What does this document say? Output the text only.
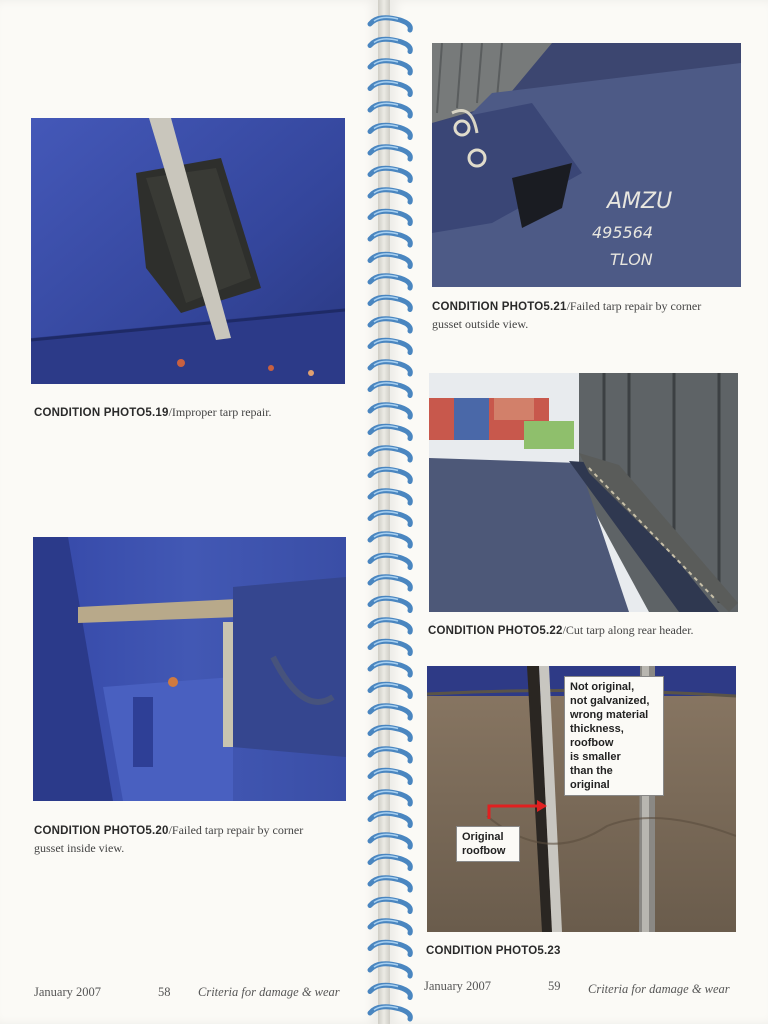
CONDITION PHOTO5.19/Improper tarp repair.
CONDITION PHOTO5.20/Failed tarp repair by corner
gusset inside view.
January 2007	58 Criteria for damage & wear
AMZU
495564
TLON
CONDITION PHOTO5.21/Failed tarp repair by corner
gusset outside view.
CONDITION PHOTO5.22/Cut tarp along rear header.
Not original,
not galvanized,
wrong material
thickness,
roofbow
is smaller
than the
original
Original
roofbow
CONDITION PHOTO5.23
January 2007	59 Criteria for damage & wear
